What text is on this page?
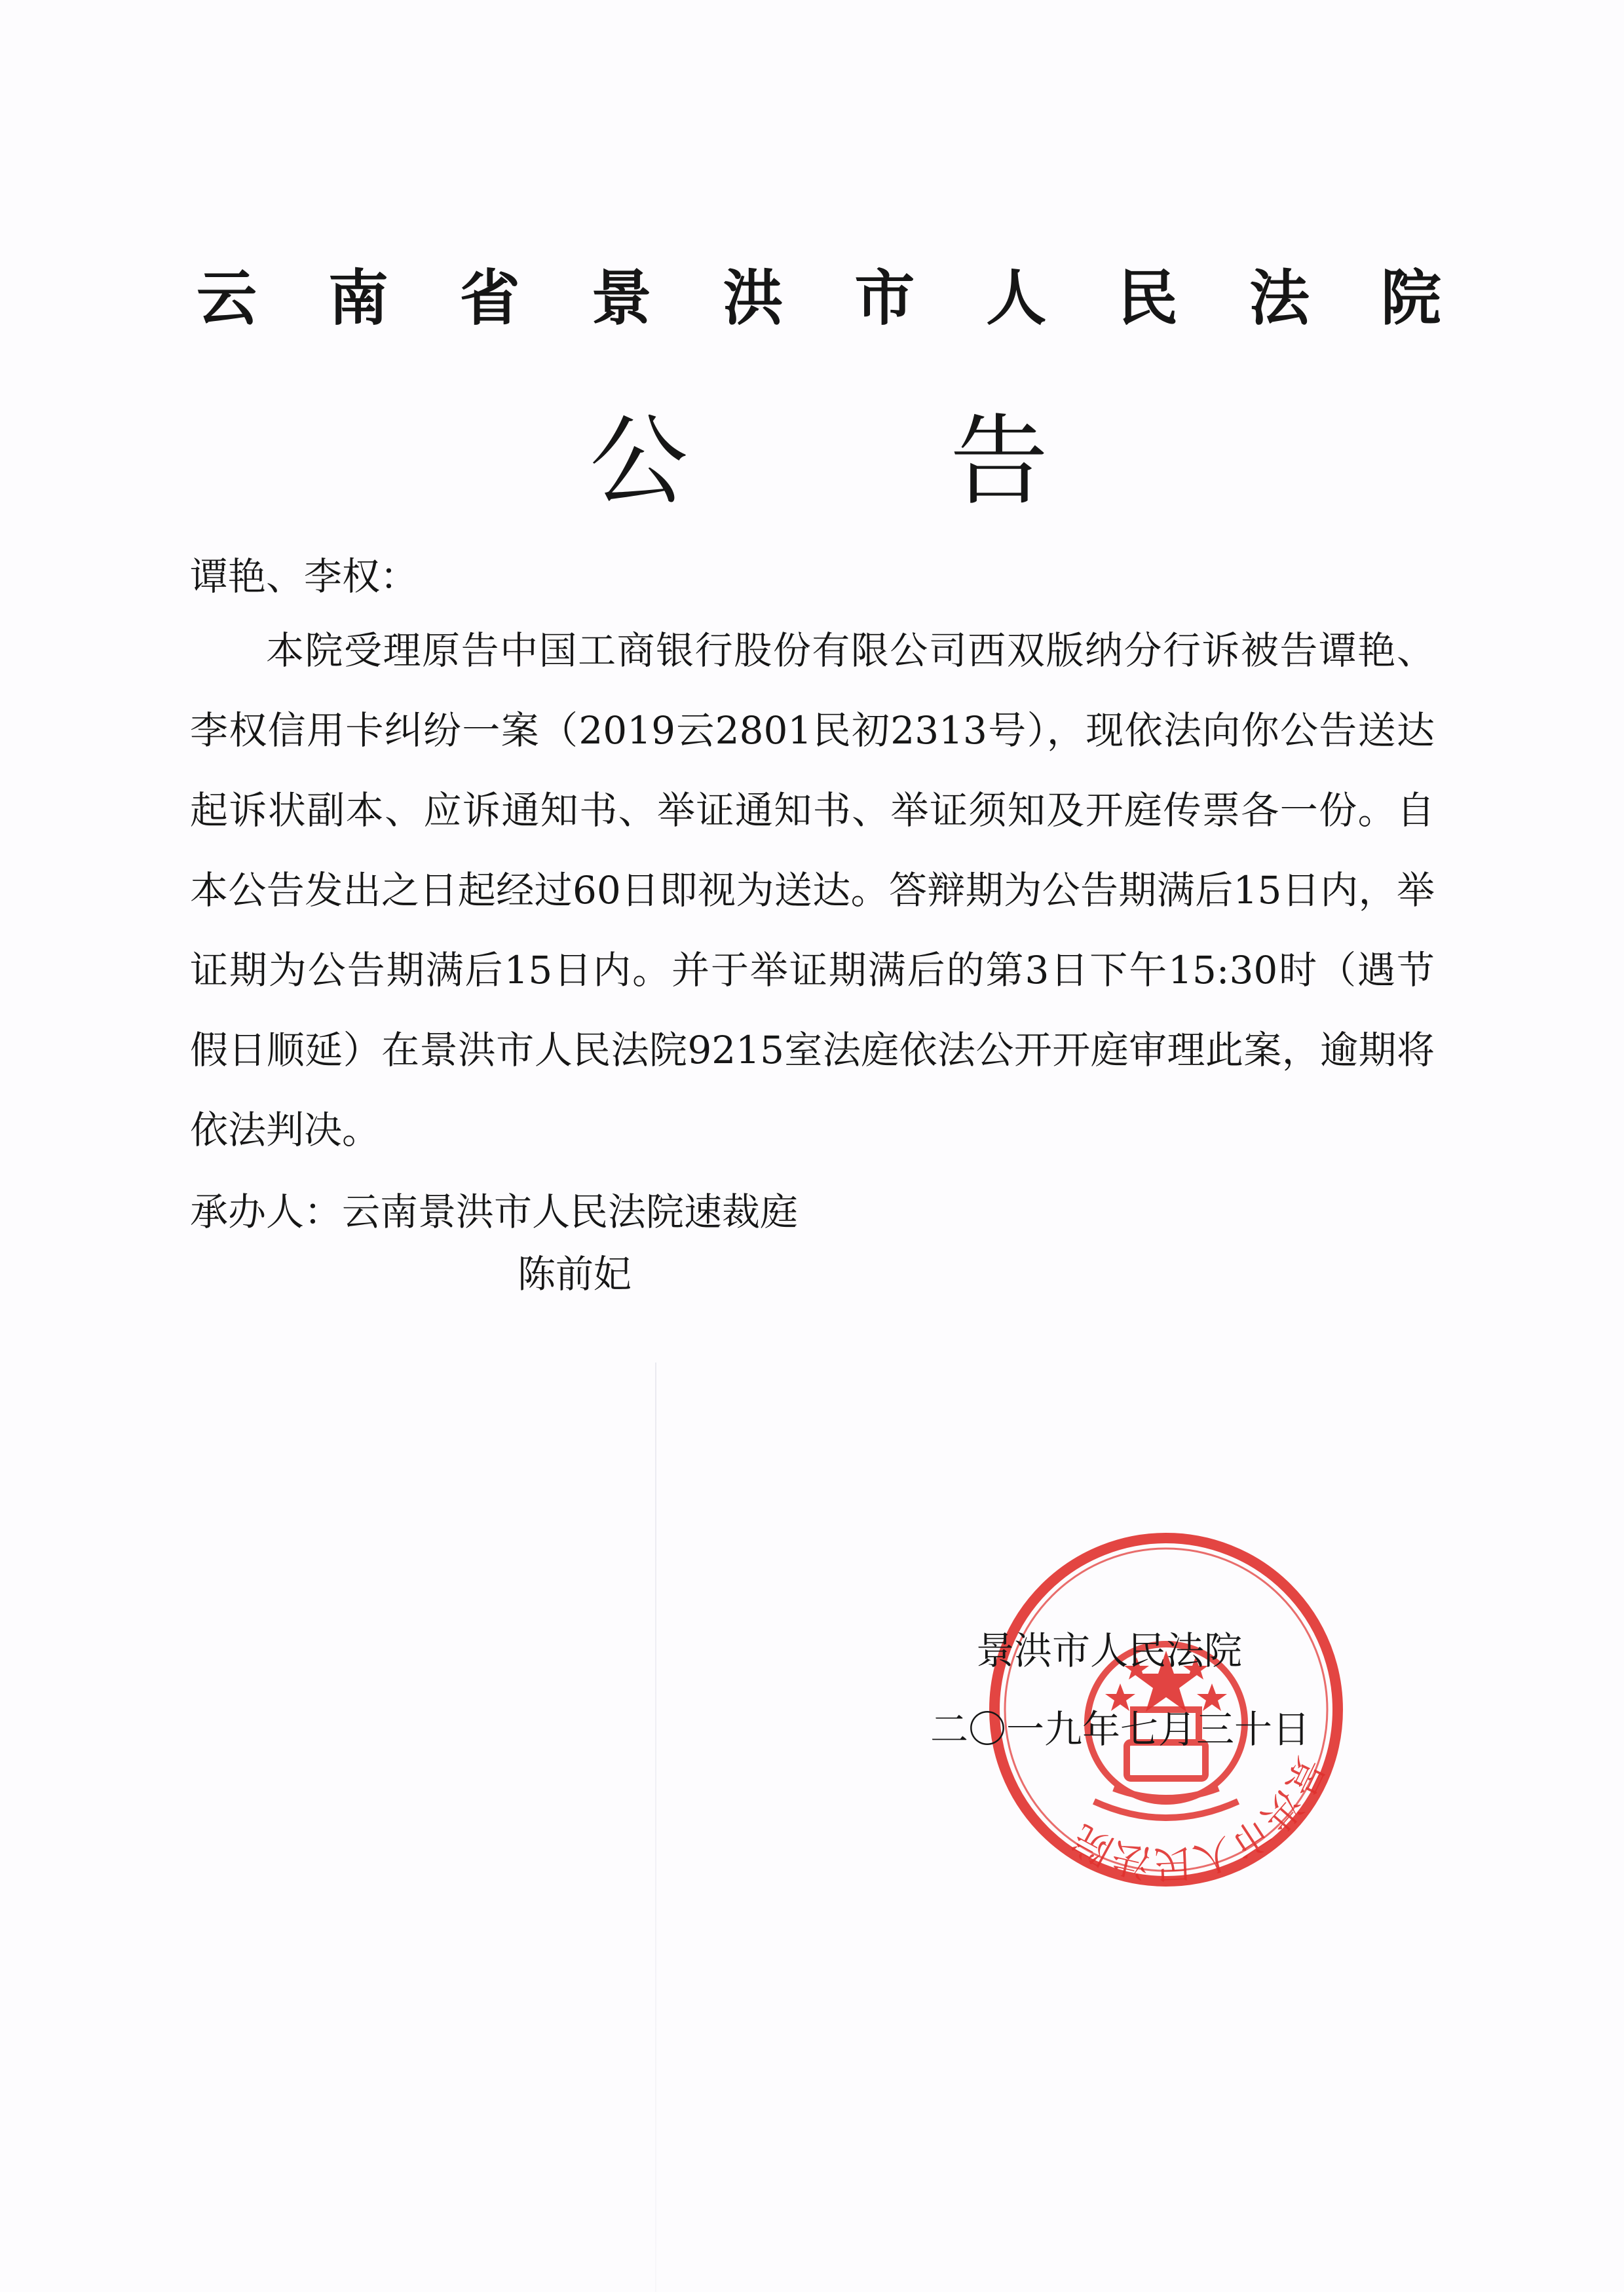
云 南 省 景 洪 市 人 民 法 院
公	告
谭艳、李权：
本院受理原告中国工商银行股份有限公司西双版纳分行诉被告谭艳、李权信用卡纠纷一案（2019云2801民初2313号），现依法向你公告送达起诉状副本、应诉通知书、举证通知书、举证须知及开庭传票各一份。自本公告发出之日起经过60日即视为送达。答辩期为公告期满后15日内，举证期为公告期满后15日内。并于举证期满后的第3日下午15:30时（遇节假日顺延）在景洪市人民法院9215室法庭依法公开开庭审理此案，逾期将依法判决。
承办人：云南景洪市人民法院速裁庭
陈前妃
景洪市人民法院
景洪市人民法院
二〇一九年七月三十日
